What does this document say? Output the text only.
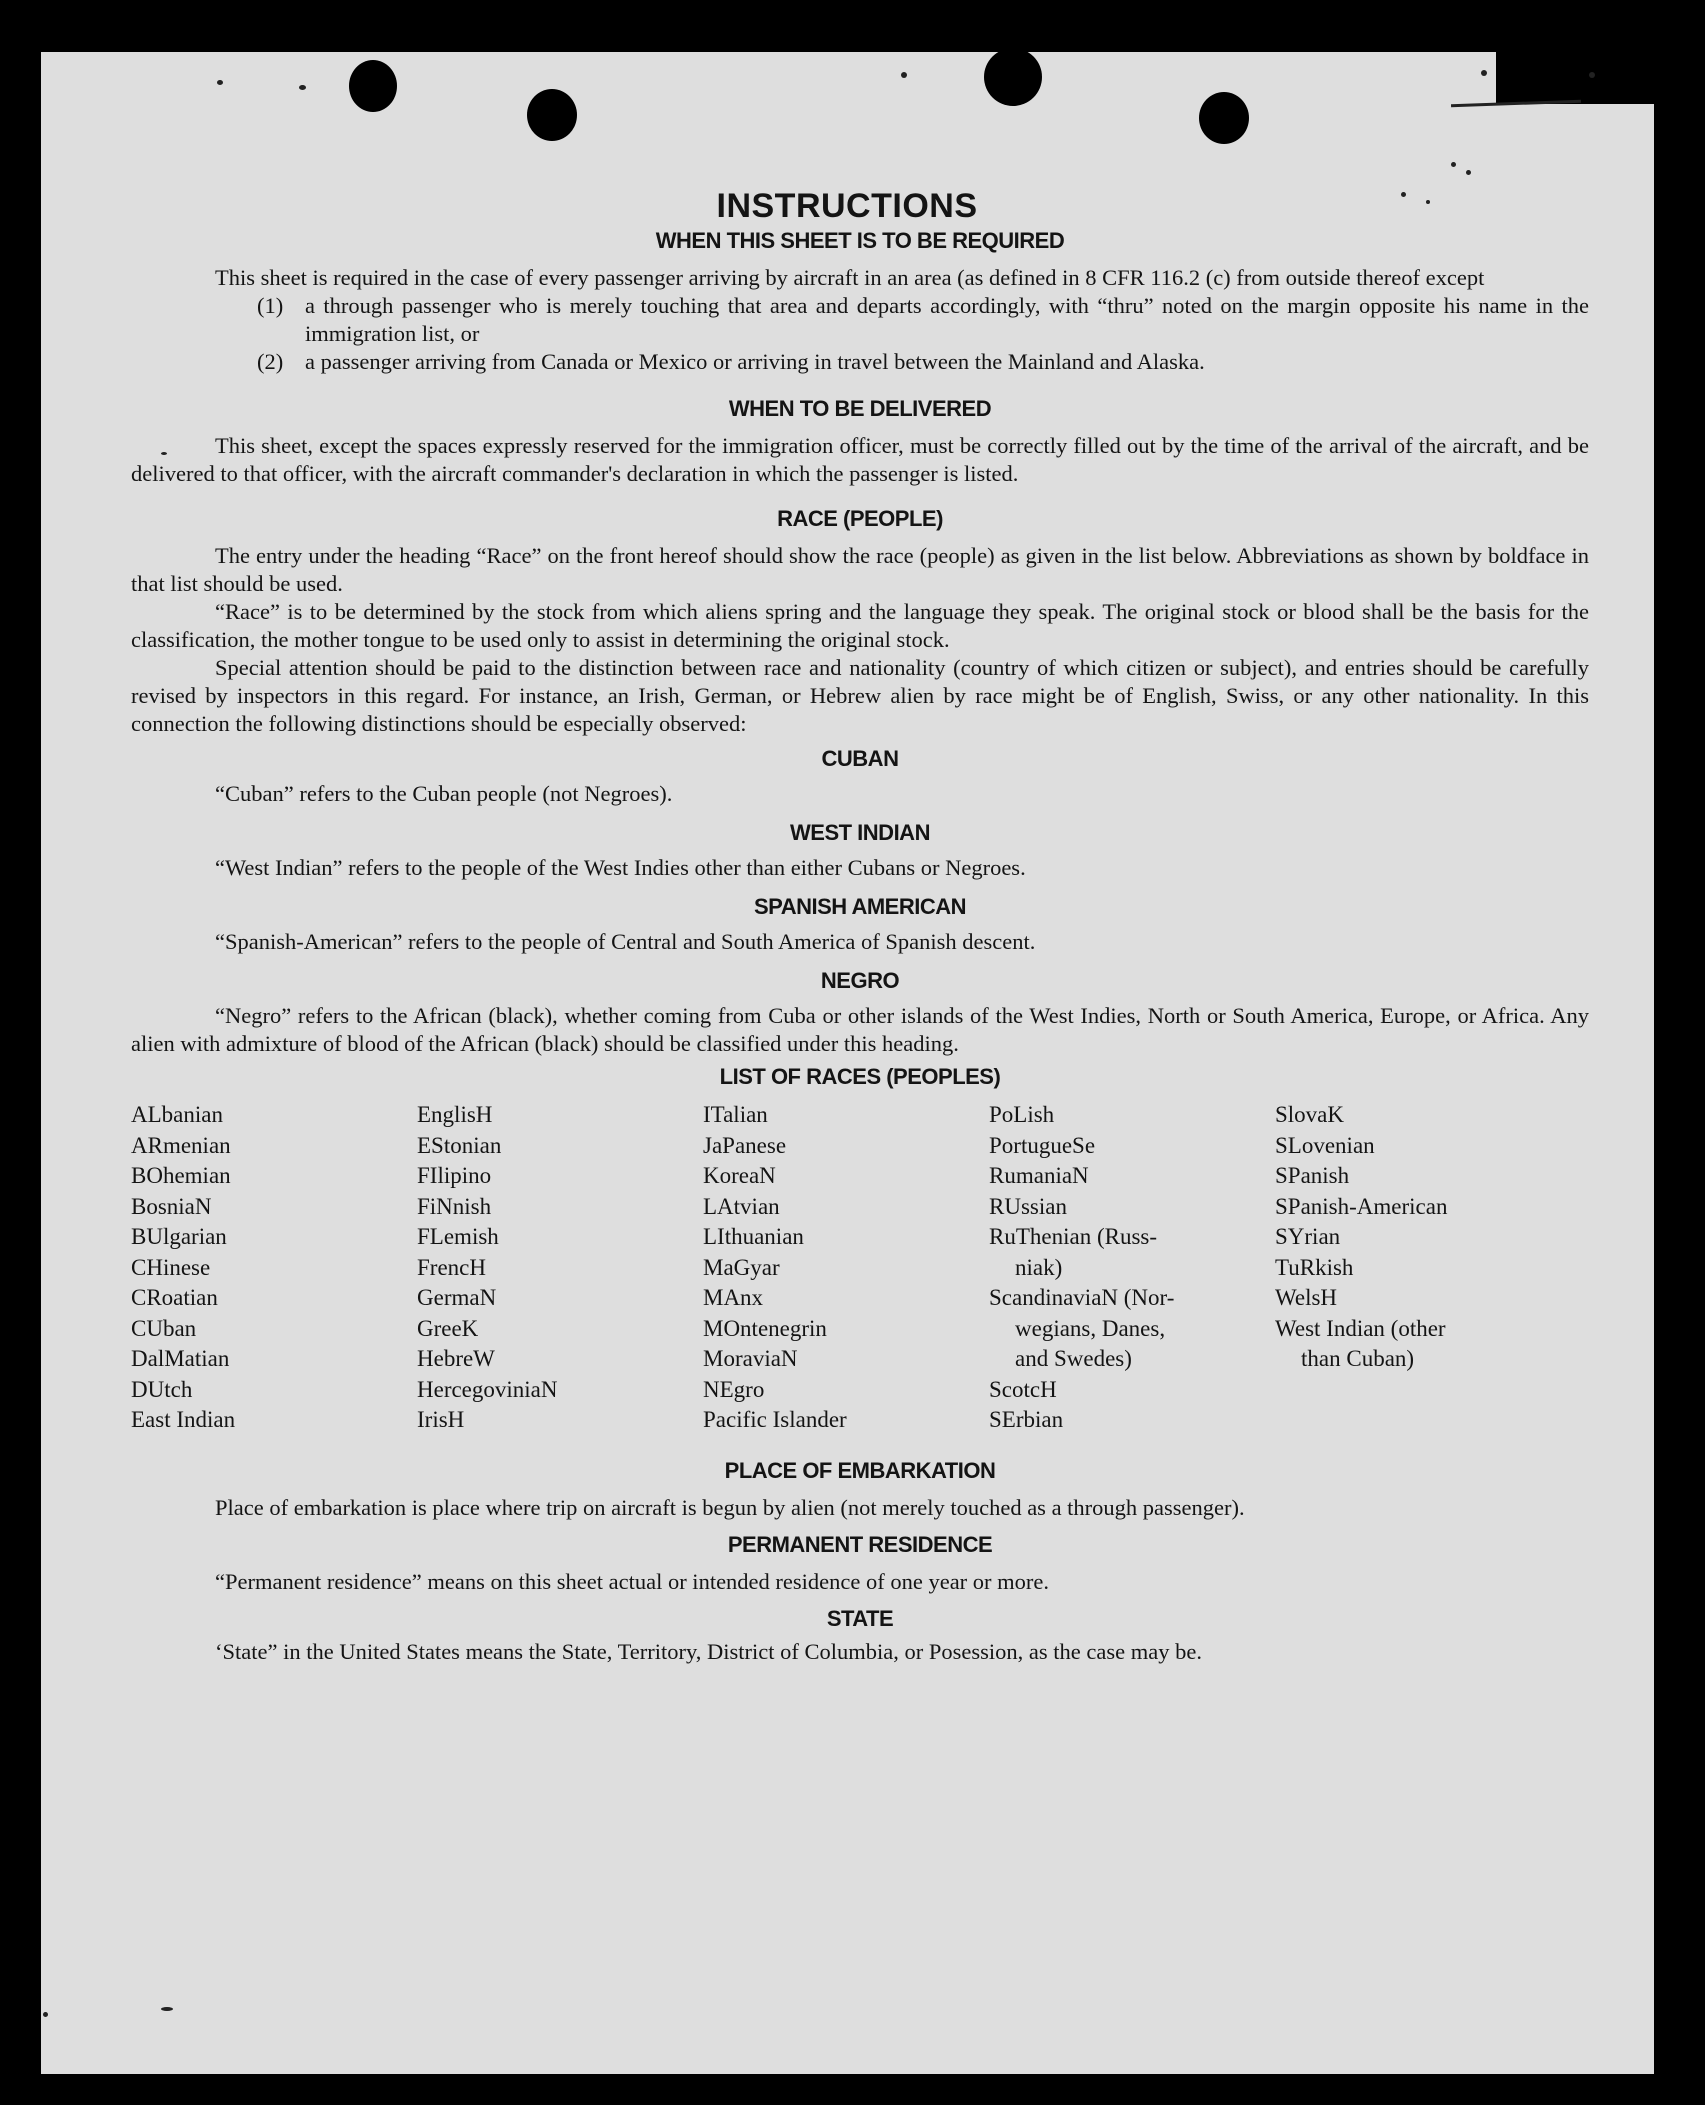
INSTRUCTIONS
WHEN THIS SHEET IS TO BE REQUIRED

This sheet is required in the case of every passenger arriving by aircraft in an area (as defined in 8 CFR 116.2 (c) from outside thereof except

(1) a through passenger who is merely touching that area and departs accordingly, with “thru” noted on the margin opposite his name in the immigration list, or
(2) a passenger arriving from Canada or Mexico or arriving in travel between the Mainland and Alaska.
WHEN TO BE DELIVERED

This sheet, except the spaces expressly reserved for the immigration officer, must be correctly filled out by the time of the arrival of the aircraft, and be delivered to that officer, with the aircraft commander's declaration in which the passenger is listed.

RACE (PEOPLE)

The entry under the heading “Race” on the front hereof should show the race (people) as given in the list below. Abbreviations as shown by boldface in that list should be used.

“Race” is to be determined by the stock from which aliens spring and the language they speak. The original stock or blood shall be the basis for the classification, the mother tongue to be used only to assist in determining the original stock.

Special attention should be paid to the distinction between race and nationality (country of which citizen or subject), and entries should be carefully revised by inspectors in this regard. For instance, an Irish, German, or Hebrew alien by race might be of English, Swiss, or any other nationality. In this connection the following distinctions should be especially observed:

CUBAN

“Cuban” refers to the Cuban people (not Negroes).

WEST INDIAN

“West Indian” refers to the people of the West Indies other than either Cubans or Negroes.

SPANISH AMERICAN

“Spanish-American” refers to the people of Central and South America of Spanish descent.

NEGRO

“Negro” refers to the African (black), whether coming from Cuba or other islands of the West Indies, North or South America, Europe, or Africa. Any alien with admixture of blood of the African (black) should be classified under this heading.

LIST OF RACES (PEOPLES)
ALbanian
ARmenian
BOhemian
BosniaN
BUlgarian
CHinese
CRoatian
CUban
DalMatian
DUtch
East Indian
EnglisH
EStonian
FIlipino
FiNnish
FLemish
FrencH
GermaN
GreeK
HebreW
HercegoviniaN
IrisH
ITalian
JaPanese
KoreaN
LAtvian
LIthuanian
MaGyar
MAnx
MOntenegrin
MoraviaN
NEgro
Pacific Islander
PoLish
PortugueSe
RumaniaN
RUssian
RuThenian (Russ-
niak)
ScandinaviaN (Nor-
wegians, Danes,
and Swedes)
ScotcH
SErbian
SlovaK
SLovenian
SPanish
SPanish-American
SYrian
TuRkish
WelsH
West Indian (other
than Cuban)
PLACE OF EMBARKATION

Place of embarkation is place where trip on aircraft is begun by alien (not merely touched as a through passenger).

PERMANENT RESIDENCE

“Permanent residence” means on this sheet actual or intended residence of one year or more.

STATE

‘State” in the United States means the State, Territory, District of Columbia, or Posession, as the case may be.
